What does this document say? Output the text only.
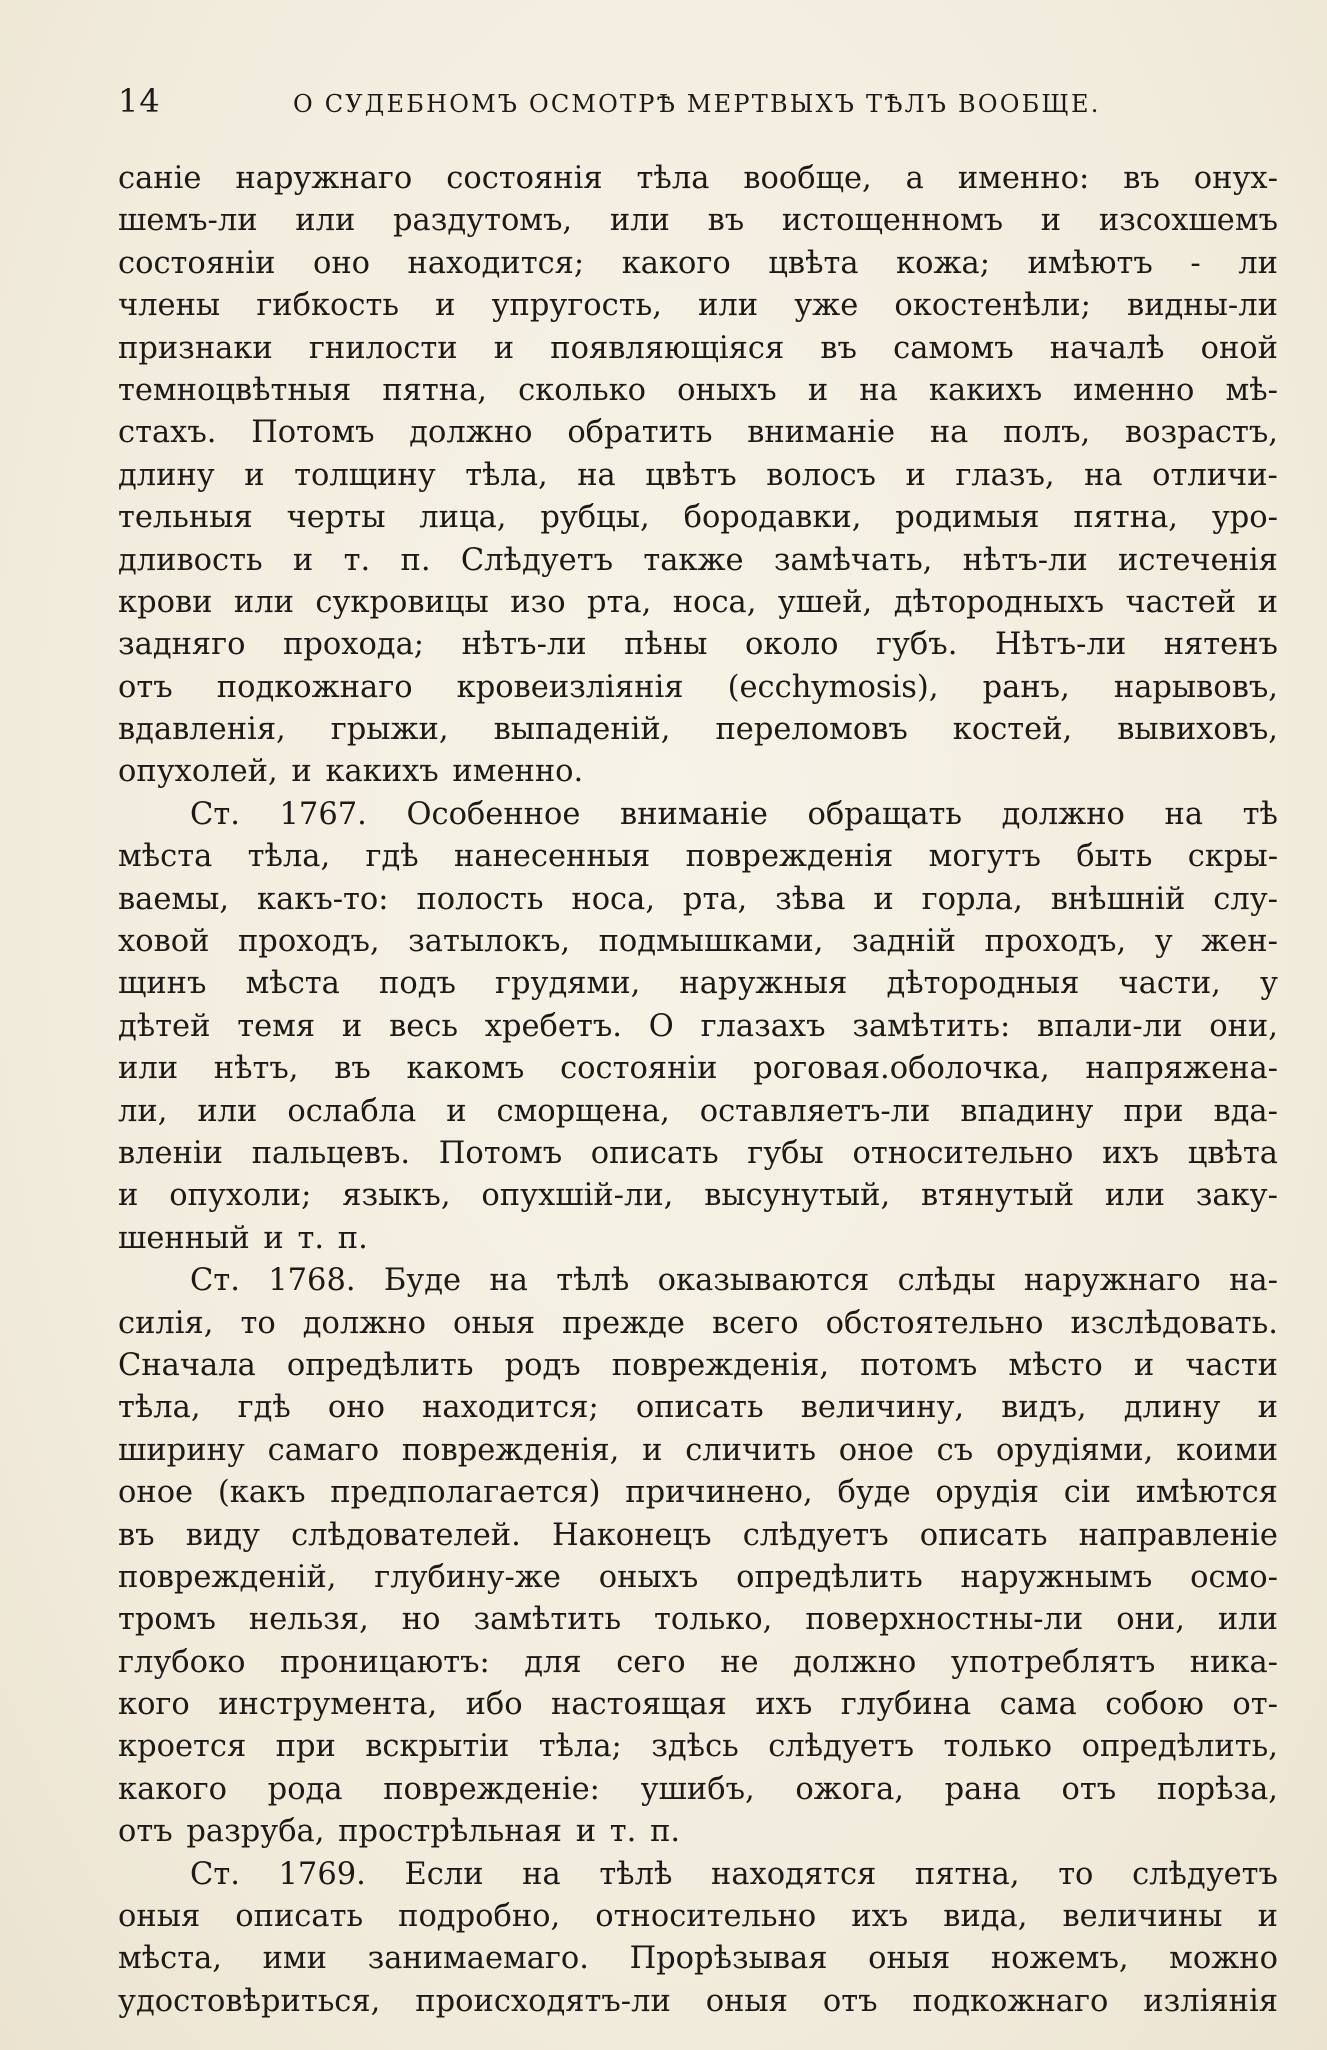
14	О СУДЕБНОМЪ ОСМОТРѢ МЕРТВЫХЪ ТѢЛЪ ВООБЩЕ.
саніе наружнаго состоянія тѣла вообще, а именно: въ онух-
шемъ-ли или раздутомъ, или въ истощенномъ и изсохшемъ
состояніи оно находится; какого цвѣта кожа; имѣютъ - ли
члены гибкость и упругость, или уже окостенѣли; видны-ли
признаки гнилости и появляющіяся въ самомъ началѣ оной
темноцвѣтныя пятна, сколько оныхъ и на какихъ именно мѣ-
стахъ. Потомъ должно обратить вниманіе на полъ, возрастъ,
длину и толщину тѣла, на цвѣтъ волосъ и глазъ, на отличи-
тельныя черты лица, рубцы, бородавки, родимыя пятна, уро-
дливость и т. п. Слѣдуетъ также замѣчать, нѣтъ-ли истеченія
крови или сукровицы изо рта, носа, ушей, дѣтородныхъ частей и
задняго прохода; нѣтъ-ли пѣны около губъ. Нѣтъ-ли нятенъ
отъ подкожнаго кровеизліянія (ecchymosis), ранъ, нарывовъ,
вдавленія, грыжи, выпаденій, переломовъ костей, вывиховъ,
опухолей, и какихъ именно.
Ст. 1767. Особенное вниманіе обращать должно на тѣ
мѣста тѣла, гдѣ нанесенныя поврежденія могутъ быть скры-
ваемы, какъ-то: полость носа, рта, зѣва и горла, внѣшній слу-
ховой проходъ, затылокъ, подмышками, задній проходъ, у жен-
щинъ мѣста подъ грудями, наружныя дѣтородныя части, у
дѣтей темя и весь хребетъ. О глазахъ замѣтить: впали-ли они,
или нѣтъ, въ какомъ состояніи роговая.оболочка, напряжена-
ли, или ослабла и сморщена, оставляетъ-ли впадину при вда-
вленіи пальцевъ. Потомъ описать губы относительно ихъ цвѣта
и опухоли; языкъ, опухшій-ли, высунутый, втянутый или заку-
шенный и т. п.
Ст. 1768. Буде на тѣлѣ оказываются слѣды наружнаго на-
силія, то должно оныя прежде всего обстоятельно изслѣдовать.
Сначала опредѣлить родъ поврежденія, потомъ мѣсто и части
тѣла, гдѣ оно находится; описать величину, видъ, длину и
ширину самаго поврежденія, и сличить оное съ орудіями, коими
оное (какъ предполагается) причинено, буде орудія сіи имѣются
въ виду слѣдователей. Наконецъ слѣдуетъ описать направленіе
поврежденій, глубину-же оныхъ опредѣлить наружнымъ осмо-
тромъ нельзя, но замѣтить только, поверхностны-ли они, или
глубоко проницаютъ: для сего не должно употреблятъ ника-
кого инструмента, ибо настоящая ихъ глубина сама собою от-
кроется при вскрытіи тѣла; здѣсь слѣдуетъ только опредѣлить,
какого рода поврежденіе: ушибъ, ожога, рана отъ порѣза,
отъ разруба, прострѣльная и т. п.
Ст. 1769. Если на тѣлѣ находятся пятна, то слѣдуетъ
оныя описать подробно, относительно ихъ вида, величины и
мѣста, ими занимаемаго. Прорѣзывая оныя ножемъ, можно
удостовѣриться, происходятъ-ли оныя отъ подкожнаго изліянія
